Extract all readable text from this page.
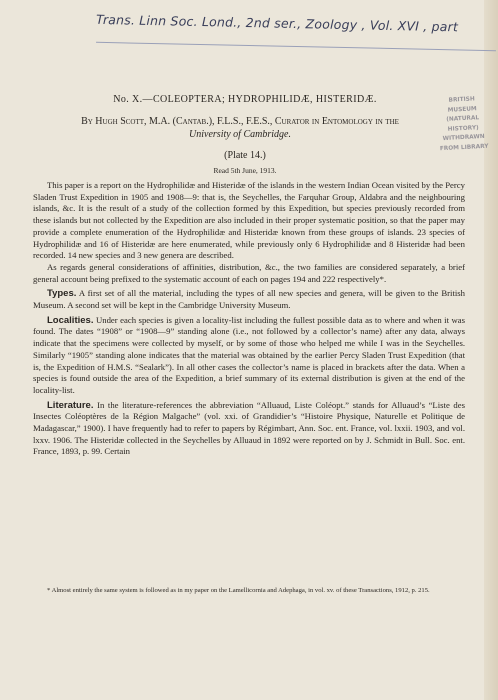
Trans. Linn Soc. Lond., 2nd ser., Zoology , Vol. XVI , part
BRITISH
MUSEUM
(NATURAL
HISTORY)
WITHDRAWN
FROM LIBRARY
No. X.—COLEOPTERA; HYDROPHILIDÆ, HISTERIDÆ.
By Hugh Scott, M.A. (Cantab.), F.L.S., F.E.S., Curator in Entomology in the
University of Cambridge.
(Plate 14.)
Read 5th June, 1913.

This paper is a report on the Hydrophilidæ and Histeridæ of the islands in the western Indian Ocean visited by the Percy Sladen Trust Expedition in 1905 and 1908—9: that is, the Seychelles, the Farquhar Group, Aldabra and the neighbouring islands, &c. It is the result of a study of the collection formed by this Expedition, but species previously recorded from these islands but not collected by the Expedition are also included in their proper systematic position, so that the paper may provide a complete enumeration of the Hydrophilidæ and Histeridæ known from these groups of islands. 23 species of Hydrophilidæ and 16 of Histeridæ are here enumerated, while previously only 6 Hydrophilidæ and 8 Histeridæ had been recorded. 14 new species and 3 new genera are described.

As regards general considerations of affinities, distribution, &c., the two families are considered separately, a brief general account being prefixed to the systematic account of each on pages 194 and 222 respectively*.

Types. A first set of all the material, including the types of all new species and genera, will be given to the British Museum. A second set will be kept in the Cambridge University Museum.

Localities. Under each species is given a locality-list including the fullest possible data as to where and when it was found. The dates “1908” or “1908—9” standing alone (i.e., not followed by a collector’s name) after any data, always indicate that the specimens were collected by myself, or by some of those who helped me while I was in the Seychelles. Similarly “1905” standing alone indicates that the material was obtained by the earlier Percy Sladen Trust Expedition (that is, the Expedition of H.M.S. “Sealark”). In all other cases the collector’s name is placed in brackets after the data. When a species is found outside the area of the Expedition, a brief summary of its external distribution is given at the end of the locality-list.

Literature. In the literature-references the abbreviation “Alluaud, Liste Coléopt.” stands for Alluaud’s “Liste des Insectes Coléoptères de la Région Malgache” (vol. xxi. of Grandidier’s “Histoire Physique, Naturelle et Politique de Madagascar,” 1900). I have frequently had to refer to papers by Régimbart, Ann. Soc. ent. France, vol. lxxii. 1903, and vol. lxxv. 1906. The Histeridæ collected in the Seychelles by Alluaud in 1892 were reported on by J. Schmidt in Bull. Soc. ent. France, 1893, p. 99. Certain

* Almost entirely the same system is followed as in my paper on the Lamellicornia and Adephaga, in vol. xv. of these Transactions, 1912, p. 215.
